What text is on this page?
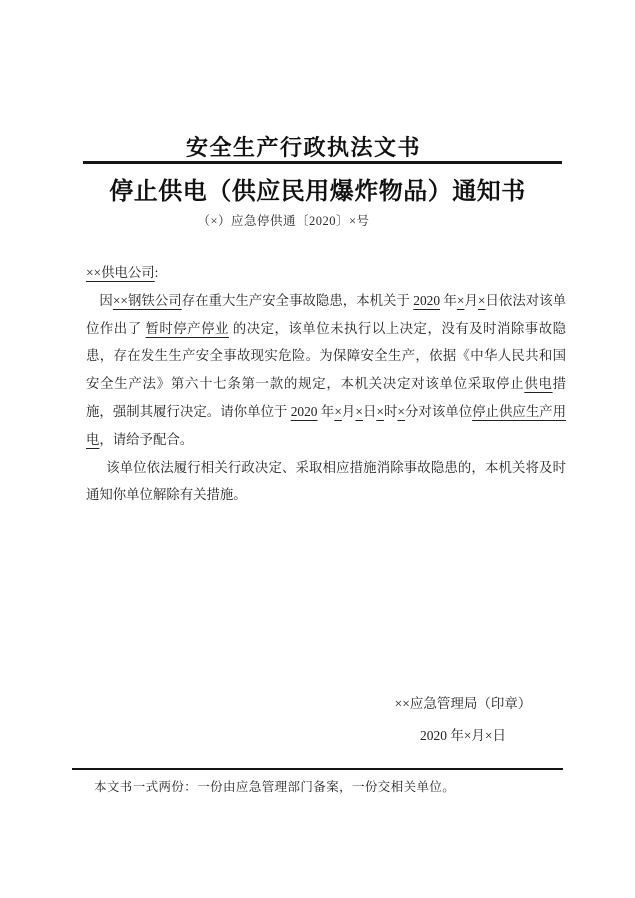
安全生产行政执法文书
停止供电（供应民用爆炸物品）通知书
（×）应急停供通〔2020〕×号

××供电公司:

因××钢铁公司存在重大生产安全事故隐患，本机关于 2020 年×月×日依法对该单位作出了 暂时停产停业 的决定，该单位未执行以上决定，没有及时消除事故隐患，存在发生生产安全事故现实危险。为保障安全生产，依据《中华人民共和国安全生产法》第六十七条第一款的规定，本机关决定对该单位采取停止供电措施，强制其履行决定。请你单位于 2020 年×月×日×时×分对该单位停止供应生产用电，请给予配合。

该单位依法履行相关行政决定、采取相应措施消除事故隐患的，本机关将及时通知你单位解除有关措施。

××应急管理局（印章）
2020 年×月×日

本文书一式两份：一份由应急管理部门备案，一份交相关单位。
